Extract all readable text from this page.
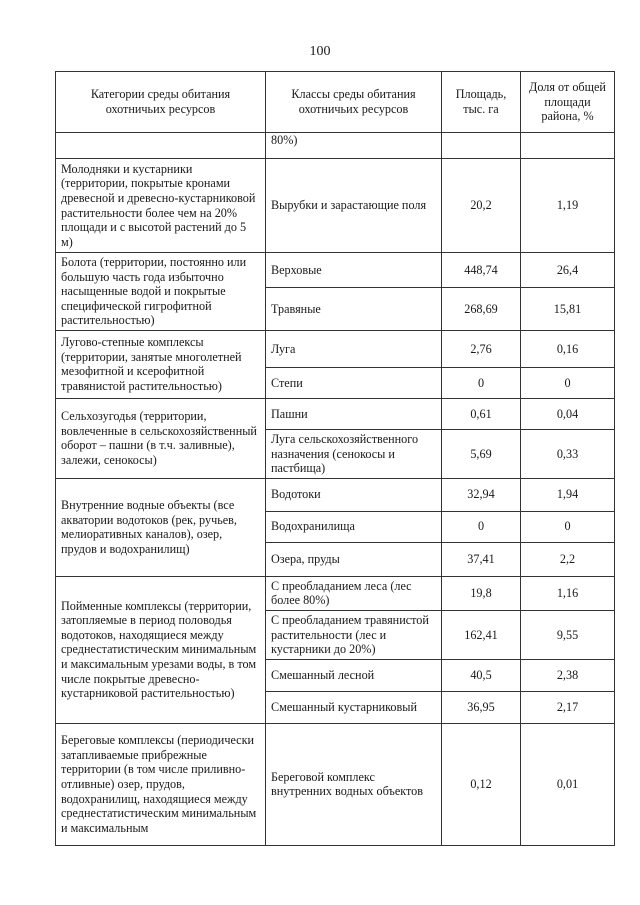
100
Категории среды обитания охотничьих ресурсов	Классы среды обитания охотничьих ресурсов	Площадь, тыс. га	Доля от общей площади района, %
	80%)		
Молодняки и кустарники (территории, покрытые кронами древесной и древесно-кустарниковой растительности более чем на 20% площади и с высотой растений до 5 м)	Вырубки и зарастающие поля	20,2	1,19
Болота (территории, постоянно или большую часть года избыточно насыщенные водой и покрытые специфической гигрофитной растительностью)	Верховые	448,74	26,4
	Травяные	268,69	15,81
Лугово-степные комплексы (территории, занятые многолетней мезофитной и ксерофитной травянистой растительностью)	Луга	2,76	0,16
	Степи	0	0
Сельхозугодья (территории, вовлеченные в сельскохозяйственный оборот – пашни (в т.ч. заливные), залежи, сенокосы)	Пашни	0,61	0,04
	Луга сельскохозяйственного назначения (сенокосы и пастбища)	5,69	0,33
Внутренние водные объекты (все акватории водотоков (рек, ручьев, мелиоративных каналов), озер, прудов и водохранилищ)	Водотоки	32,94	1,94
	Водохранилища	0	0
	Озера, пруды	37,41	2,2
Пойменные комплексы (территории, затопляемые в период половодья водотоков, находящиеся между среднестатистическим минимальным и максимальным урезами воды, в том числе покрытые древесно-кустарниковой растительностью)	С преобладанием леса (лес более 80%)	19,8	1,16
	С преобладанием травянистой растительности (лес и кустарники до 20%)	162,41	9,55
	Смешанный лесной	40,5	2,38
	Смешанный кустарниковый	36,95	2,17
Береговые комплексы (периодически затапливаемые прибрежные территории (в том числе приливно-отливные) озер, прудов, водохранилищ, находящиеся между среднестатистическим минимальным и максимальным	Береговой комплекс внутренних водных объектов	0,12	0,01
